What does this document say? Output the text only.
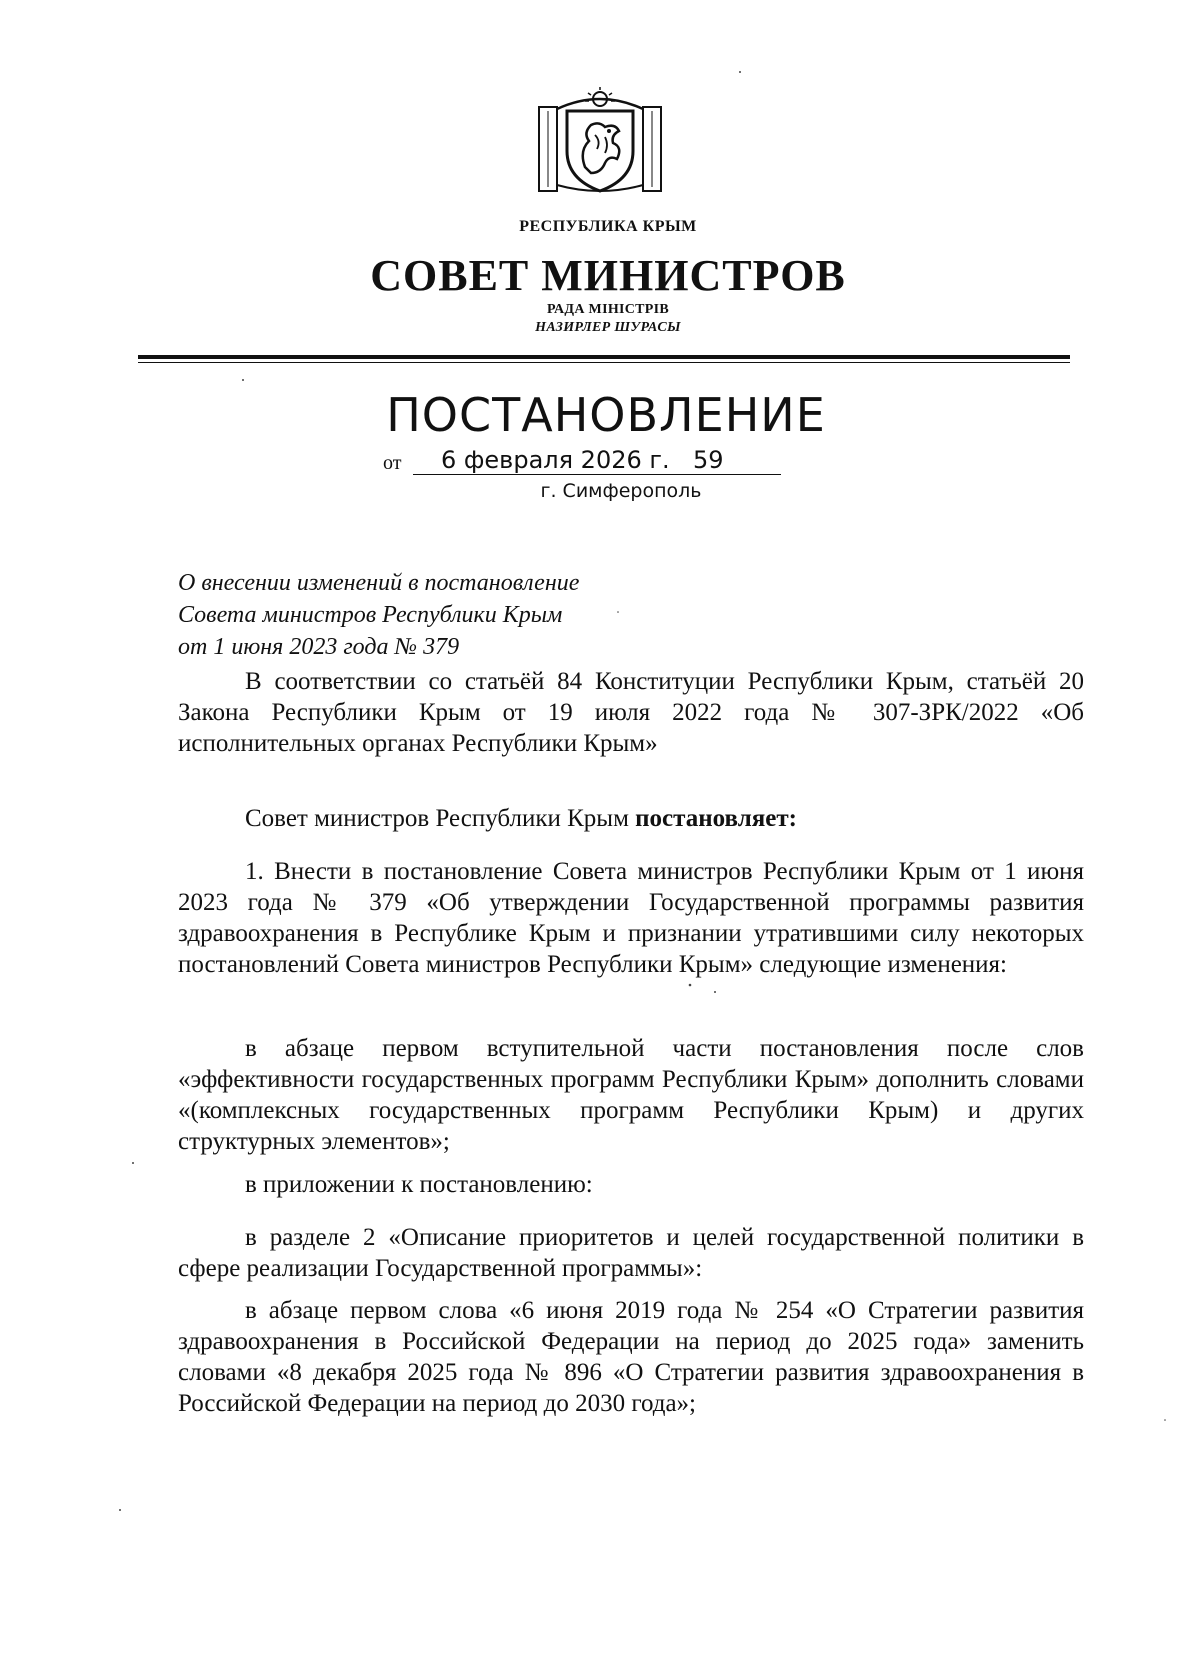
РЕСПУБЛИКА КРЫМ
СОВЕТ МИНИСТРОВ
РАДА МІНІСТРІВ
НАЗИРЛЕР ШУРАСЫ
ПОСТАНОВЛЕНИЕ
от 6 февраля 2026 г. 59
г. Симферополь
О внесении изменений в постановление
Совета министров Республики Крым
от 1 июня 2023 года № 379

В соответствии со статьёй 84 Конституции Республики Крым, статьёй 20 Закона Республики Крым от 19 июля 2022 года № 307-ЗРК/2022 «Об исполнительных органах Республики Крым»

Совет министров Республики Крым постановляет:

1. Внести в постановление Совета министров Республики Крым от 1 июня 2023 года № 379 «Об утверждении Государственной программы развития здравоохранения в Республике Крым и признании утратившими силу некоторых постановлений Совета министров Республики Крым» следующие изменения:

в абзаце первом вступительной части постановления после слов «эффективности государственных программ Республики Крым» дополнить словами «(комплексных государственных программ Республики Крым) и других структурных элементов»;

в приложении к постановлению:

в разделе 2 «Описание приоритетов и целей государственной политики в сфере реализации Государственной программы»:

в абзаце первом слова «6 июня 2019 года № 254 «О Стратегии развития здравоохранения в Российской Федерации на период до 2025 года» заменить словами «8 декабря 2025 года № 896 «О Стратегии развития здравоохранения в Российской Федерации на период до 2030 года»;
